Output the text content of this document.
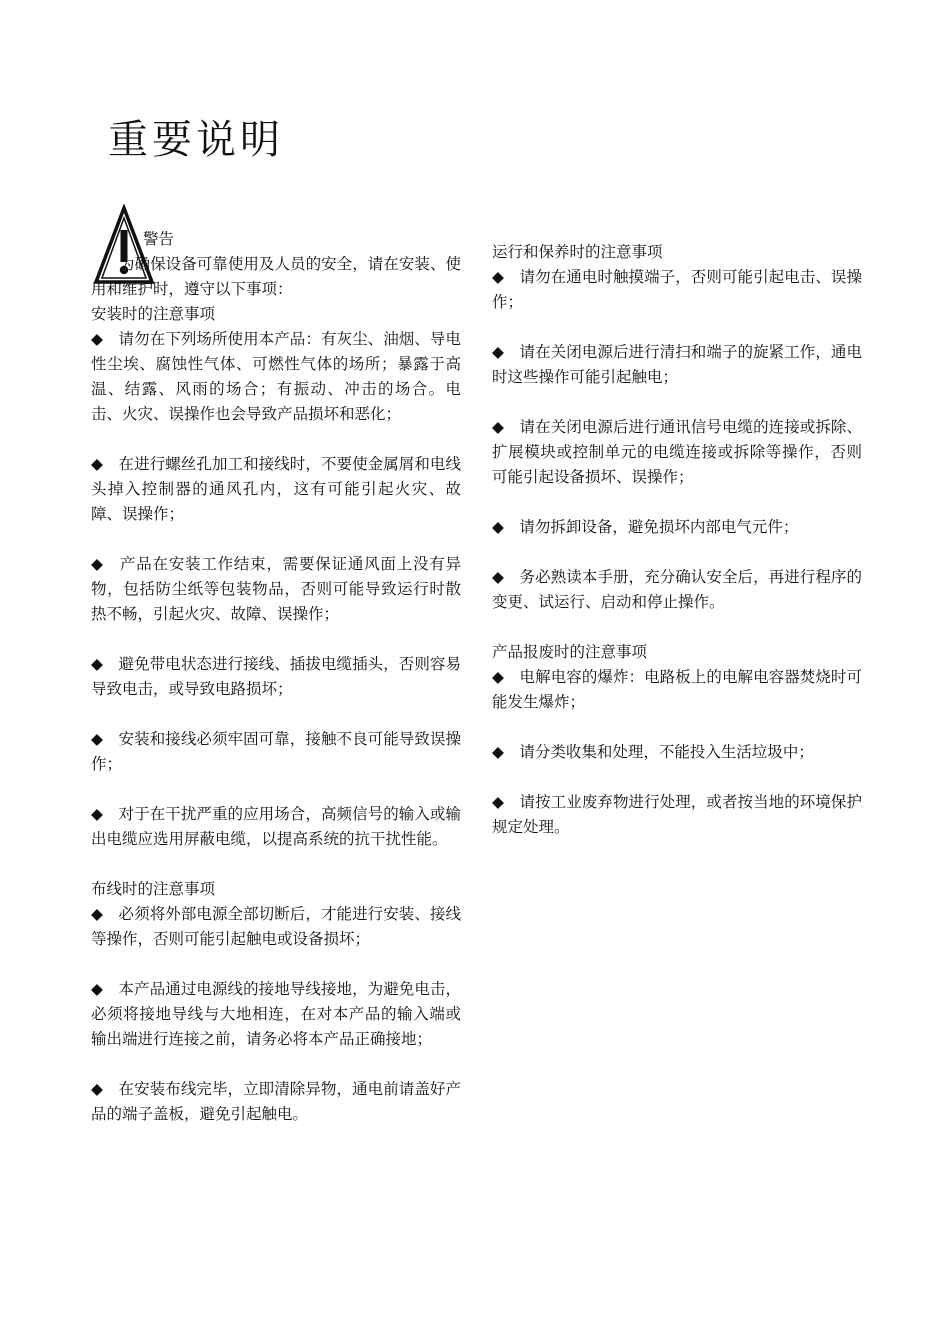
重要说明

警告

为确保设备可靠使用及人员的安全，请在安装、使用和维护时，遵守以下事项：

安装时的注意事项

◆　请勿在下列场所使用本产品：有灰尘、油烟、导电性尘埃、腐蚀性气体、可燃性气体的场所；暴露于高温、结露、风雨的场合；有振动、冲击的场合。电击、火灾、误操作也会导致产品损坏和恶化；

◆　在进行螺丝孔加工和接线时，不要使金属屑和电线头掉入控制器的通风孔内，这有可能引起火灾、故障、误操作；

◆　产品在安装工作结束，需要保证通风面上没有异物，包括防尘纸等包装物品，否则可能导致运行时散热不畅，引起火灾、故障、误操作；

◆　避免带电状态进行接线、插拔电缆插头，否则容易导致电击，或导致电路损坏；

◆　安装和接线必须牢固可靠，接触不良可能导致误操作；

◆　对于在干扰严重的应用场合，高频信号的输入或输出电缆应选用屏蔽电缆，以提高系统的抗干扰性能。

布线时的注意事项

◆　必须将外部电源全部切断后，才能进行安装、接线等操作，否则可能引起触电或设备损坏；

◆　本产品通过电源线的接地导线接地，为避免电击，必须将接地导线与大地相连，在对本产品的输入端或输出端进行连接之前，请务必将本产品正确接地；

◆　在安装布线完毕，立即清除异物，通电前请盖好产品的端子盖板，避免引起触电。

运行和保养时的注意事项

◆　请勿在通电时触摸端子，否则可能引起电击、误操作；

◆　请在关闭电源后进行清扫和端子的旋紧工作，通电时这些操作可能引起触电；

◆　请在关闭电源后进行通讯信号电缆的连接或拆除、扩展模块或控制单元的电缆连接或拆除等操作，否则可能引起设备损坏、误操作；

◆　请勿拆卸设备，避免损坏内部电气元件；

◆　务必熟读本手册，充分确认安全后，再进行程序的变更、试运行、启动和停止操作。

产品报废时的注意事项

◆　电解电容的爆炸：电路板上的电解电容器焚烧时可能发生爆炸；

◆　请分类收集和处理，不能投入生活垃圾中；

◆　请按工业废弃物进行处理，或者按当地的环境保护规定处理。
